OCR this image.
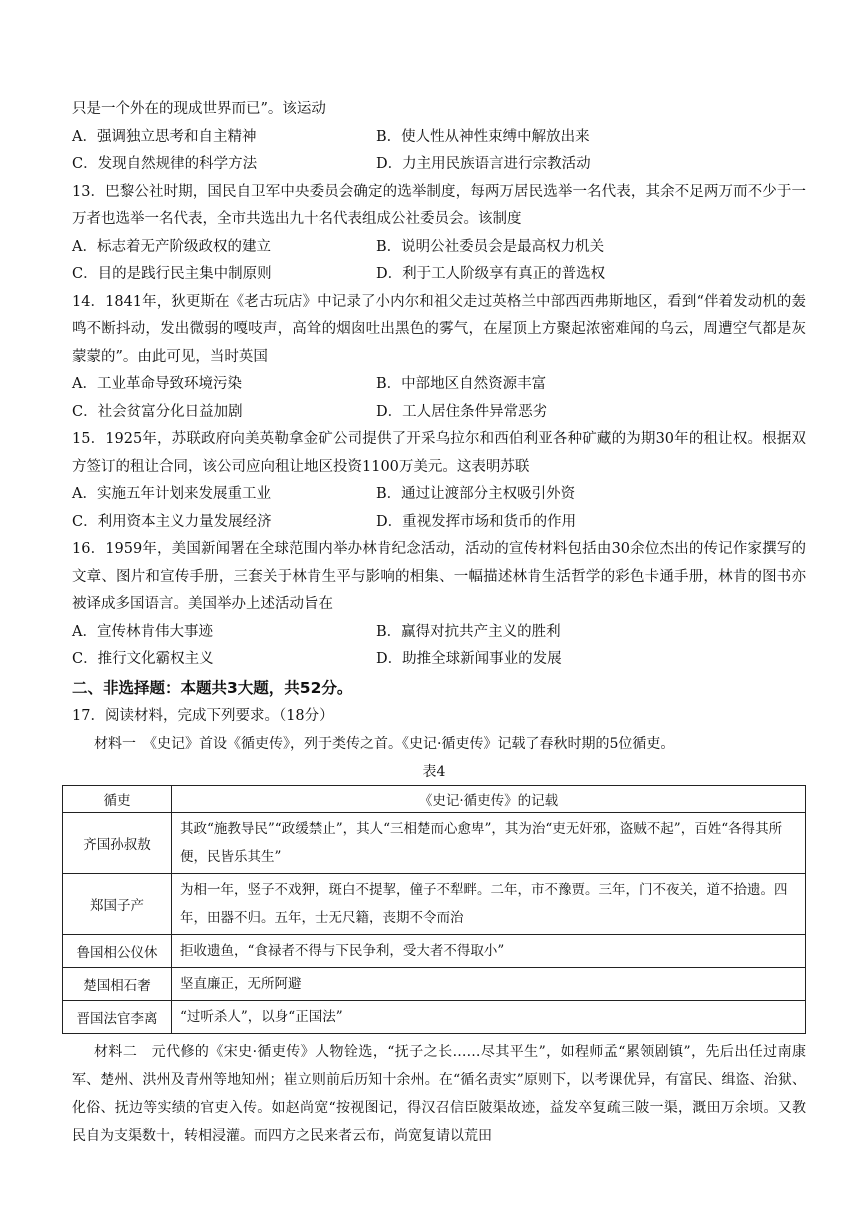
只是一个外在的现成世界而已”。该运动
A．强调独立思考和自主精神	B．使人性从神性束缚中解放出来
C．发现自然规律的科学方法	D．力主用民族语言进行宗教活动
13．巴黎公社时期，国民自卫军中央委员会确定的选举制度，每两万居民选举一名代表，其余不足两万而不少于一万者也选举一名代表，全市共选出九十名代表组成公社委员会。该制度
A．标志着无产阶级政权的建立	B．说明公社委员会是最高权力机关
C．目的是践行民主集中制原则	D．利于工人阶级享有真正的普选权
14．1841年，狄更斯在《老古玩店》中记录了小内尔和祖父走过英格兰中部西西弗斯地区，看到“伴着发动机的轰鸣不断抖动，发出微弱的嘎吱声，高耸的烟囱吐出黑色的雾气，在屋顶上方聚起浓密难闻的乌云，周遭空气都是灰蒙蒙的”。由此可见，当时英国
A．工业革命导致环境污染	B．中部地区自然资源丰富
C．社会贫富分化日益加剧	D．工人居住条件异常恶劣
15．1925年，苏联政府向美英勒拿金矿公司提供了开采乌拉尔和西伯利亚各种矿藏的为期30年的租让权。根据双方签订的租让合同，该公司应向租让地区投资1100万美元。这表明苏联
A．实施五年计划来发展重工业	B．通过让渡部分主权吸引外资
C．利用资本主义力量发展经济	D．重视发挥市场和货币的作用
16．1959年，美国新闻署在全球范围内举办林肯纪念活动，活动的宣传材料包括由30余位杰出的传记作家撰写的文章、图片和宣传手册，三套关于林肯生平与影响的相集、一幅描述林肯生活哲学的彩色卡通手册，林肯的图书亦被译成多国语言。美国举办上述活动旨在
A．宣传林肯伟大事迹	B．赢得对抗共产主义的胜利
C．推行文化霸权主义	D．助推全球新闻事业的发展
二、非选择题：本题共3大题，共52分。
17．阅读材料，完成下列要求。（18分）
材料一　《史记》首设《循吏传》，列于类传之首。《史记·循吏传》记载了春秋时期的5位循吏。
表4
循吏	《史记·循吏传》的记载
齐国孙叔敖	其政“施教导民”“政缓禁止”，其人“三相楚而心愈卑”，其为治“吏无奸邪，盗贼不起”，百姓“各得其所便，民皆乐其生”
郑国子产	为相一年，竖子不戏狎，斑白不提挈，僮子不犁畔。二年，市不豫贾。三年，门不夜关，道不拾遗。四年，田器不归。五年，士无尺籍，丧期不令而治
鲁国相公仪休	拒收遗鱼，“食禄者不得与下民争利，受大者不得取小”
楚国相石奢	坚直廉正，无所阿避
晋国法官李离	“过听杀人”，以身“正国法”
材料二　元代修的《宋史·循吏传》人物铨选，“抚子之长……尽其平生”，如程师孟“累领剧镇”，先后出任过南康军、楚州、洪州及青州等地知州；崔立则前后历知十余州。在“循名责实”原则下，以考课优异，有富民、缉盗、治狱、化俗、抚边等实绩的官吏入传。如赵尚宽“按视图记，得汉召信臣陂渠故迹，益发卒复疏三陂一渠，溉田万余顷。又教民自为支渠数十，转相浸灌。而四方之民来者云布，尚宽复请以荒田
